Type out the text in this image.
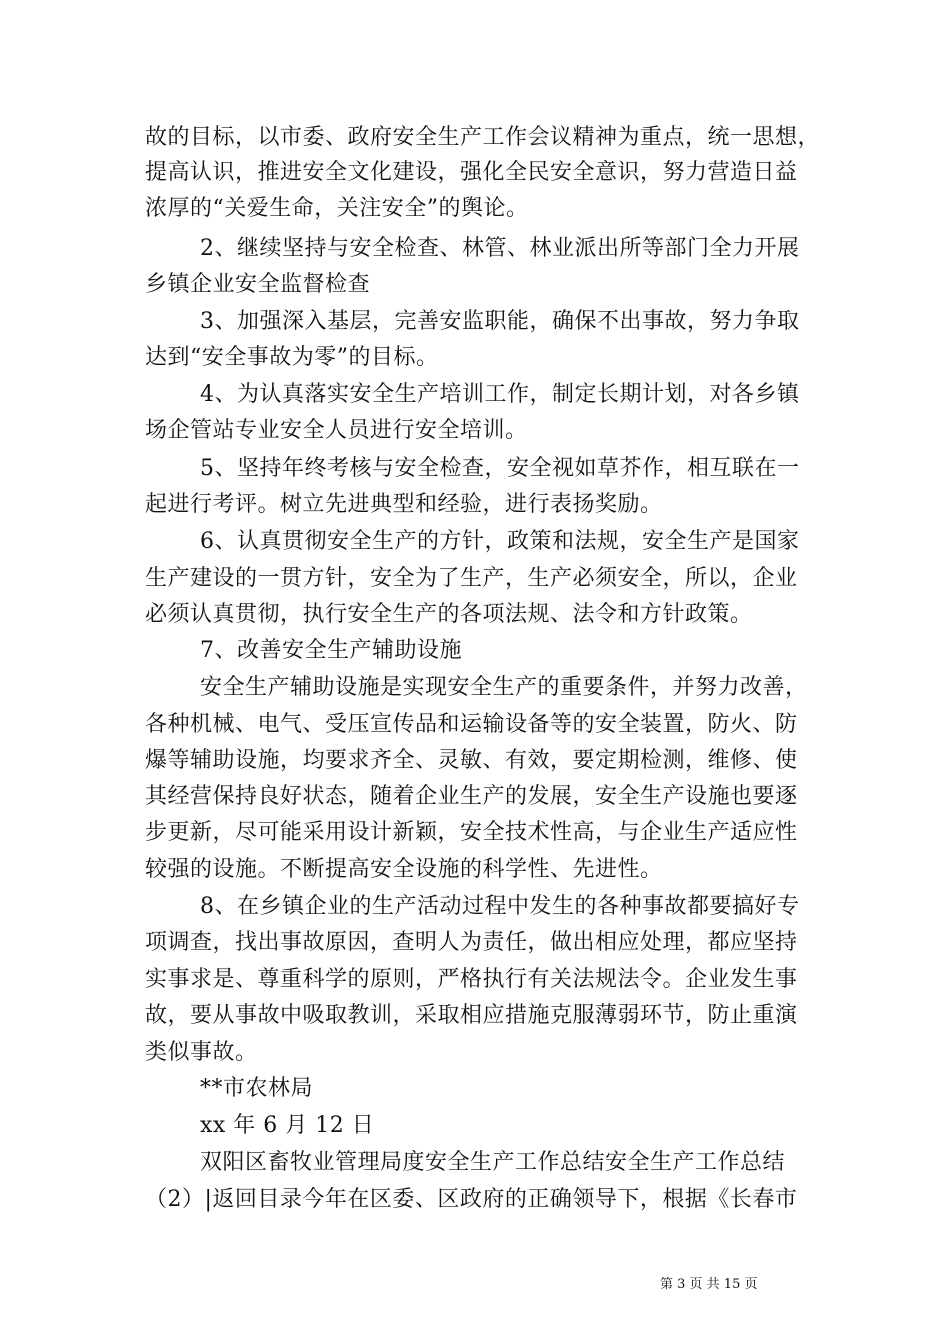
故的目标，以市委、政府安全生产工作会议精神为重点，统一思想，
提高认识，推进安全文化建设，强化全民安全意识，努力营造日益
浓厚的“关爱生命，关注安全”的舆论。
2、继续坚持与安全检查、林管、林业派出所等部门全力开展
乡镇企业安全监督检查
3、加强深入基层，完善安监职能，确保不出事故，努力争取
达到“安全事故为零”的目标。
4、为认真落实安全生产培训工作，制定长期计划，对各乡镇
场企管站专业安全人员进行安全培训。
5、坚持年终考核与安全检查，安全视如草芥作，相互联在一
起进行考评。树立先进典型和经验，进行表扬奖励。
6、认真贯彻安全生产的方针，政策和法规，安全生产是国家
生产建设的一贯方针，安全为了生产，生产必须安全，所以，企业
必须认真贯彻，执行安全生产的各项法规、法令和方针政策。
7、改善安全生产辅助设施
安全生产辅助设施是实现安全生产的重要条件，并努力改善，
各种机械、电气、受压宣传品和运输设备等的安全装置，防火、防
爆等辅助设施，均要求齐全、灵敏、有效，要定期检测，维修、使
其经营保持良好状态，随着企业生产的发展，安全生产设施也要逐
步更新，尽可能采用设计新颖，安全技术性高，与企业生产适应性
较强的设施。不断提高安全设施的科学性、先进性。
8、在乡镇企业的生产活动过程中发生的各种事故都要搞好专
项调查，找出事故原因，查明人为责任，做出相应处理，都应坚持
实事求是、尊重科学的原则，严格执行有关法规法令。企业发生事
故，要从事故中吸取教训，采取相应措施克服薄弱环节，防止重演
类似事故。
**市农林局
xx 年 6 月 12 日
双阳区畜牧业管理局度安全生产工作总结安全生产工作总结
（2）|返回目录今年在区委、区政府的正确领导下，根据《长春市
第 3 页 共 15 页
